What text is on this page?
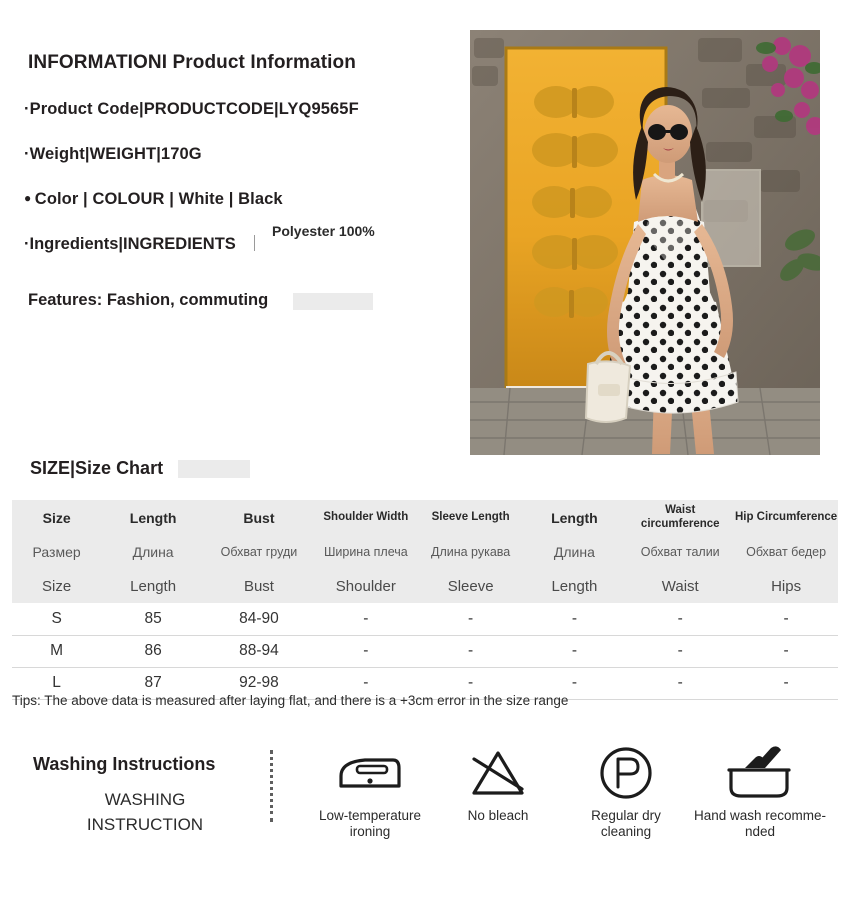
INFORMATIONI Product Information
· Product Code|PRODUCTCODE|LYQ9565F
· Weight|WEIGHT|170G
● Color | COLOUR | White | Black
·Ingredients|INGREDIENTS
Polyester 100%
Features: Fashion, commuting
SIZE|Size Chart
Size	Length	Bust	Shoulder Width	Sleeve Length	Length	Waist circumference	Hip Circumference
Размер	Длина	Обхват груди	Ширина плеча	Длина рукава	Длина	Обхват талии	Обхват бедер
Size	Length	Bust	Shoulder	Sleeve	Length	Waist	Hips
S	85	84-90	-	-	-	-	-
M	86	88-94	-	-	-	-	-
L	87	92-98	-	-	-	-	-
Tips: The above data is measured after laying flat, and there is a +3cm error in the size range
Washing Instructions
WASHING
INSTRUCTION	Low-temperature
ironing
No bleach	Regular dry
cleaning
Hand wash recomme-
nded
